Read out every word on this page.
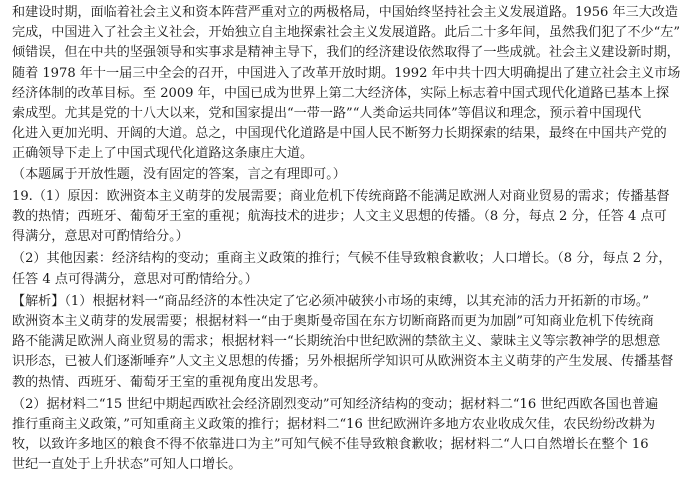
和建设时期，面临着社会主义和资本阵营严重对立的两极格局，中国始终坚持社会主义发展道路。1956 年三大改造

完成，中国进入了社会主义社会，开始独立自主地探索社会主义发展道路。此后二十多年间，虽然我们犯了不少“左”

倾错误，但在中共的坚强领导和实事求是精神主导下，我们的经济建设依然取得了一些成就。社会主义建设新时期，

随着 1978 年十一届三中全会的召开，中国进入了改革开放时期。1992 年中共十四大明确提出了建立社会主义市场

经济体制的改革目标。至 2009 年，中国已成为世界上第二大经济体，实际上标志着中国式现代化道路已基本上探

索成型。尤其是党的十八大以来，党和国家提出“一带一路”“人类命运共同体”等倡议和理念，预示着中国现代

化进入更加光明、开阔的大道。总之，中国现代化道路是中国人民不断努力长期探索的结果，最终在中国共产党的

正确领导下走上了中国式现代化道路这条康庄大道。

（本题属于开放性题，没有固定的答案，言之有理即可。）

19.（1）原因：欧洲资本主义萌芽的发展需要；商业危机下传统商路不能满足欧洲人对商业贸易的需求；传播基督

教的热情；西班牙、葡萄牙王室的重视；航海技术的进步；人文主义思想的传播。（8 分，每点 2 分，任答 4 点可

得满分，意思对可酌情给分。）

（2）其他因素：经济结构的变动；重商主义政策的推行；气候不佳导致粮食歉收；人口增长。（8 分，每点 2 分，

任答 4 点可得满分，意思对可酌情给分。）

【解析】（1）根据材料一“商品经济的本性决定了它必须冲破狭小市场的束缚，以其充沛的活力开拓新的市场。”

欧洲资本主义萌芽的发展需要；根据材料一“由于奥斯曼帝国在东方切断商路而更为加剧”可知商业危机下传统商

路不能满足欧洲人商业贸易的需求；根据材料一“长期统治中世纪欧洲的禁欲主义、蒙昧主义等宗教神学的思想意

识形态，已被人们逐渐唾弃”人文主义思想的传播；另外根据所学知识可从欧洲资本主义萌芽的产生发展、传播基督

教的热情、西班牙、葡萄牙王室的重视角度出发思考。

（2）据材料二“15 世纪中期起西欧社会经济剧烈变动”可知经济结构的变动；据材料二“16 世纪西欧各国也普遍

推行重商主义政策，”可知重商主义政策的推行；据材料二“16 世纪欧洲许多地方农业收成欠佳，农民纷纷改耕为

牧，以致许多地区的粮食不得不依靠进口为主”可知气候不佳导致粮食歉收；据材料二“人口自然增长在整个 16

世纪一直处于上升状态”可知人口增长。
